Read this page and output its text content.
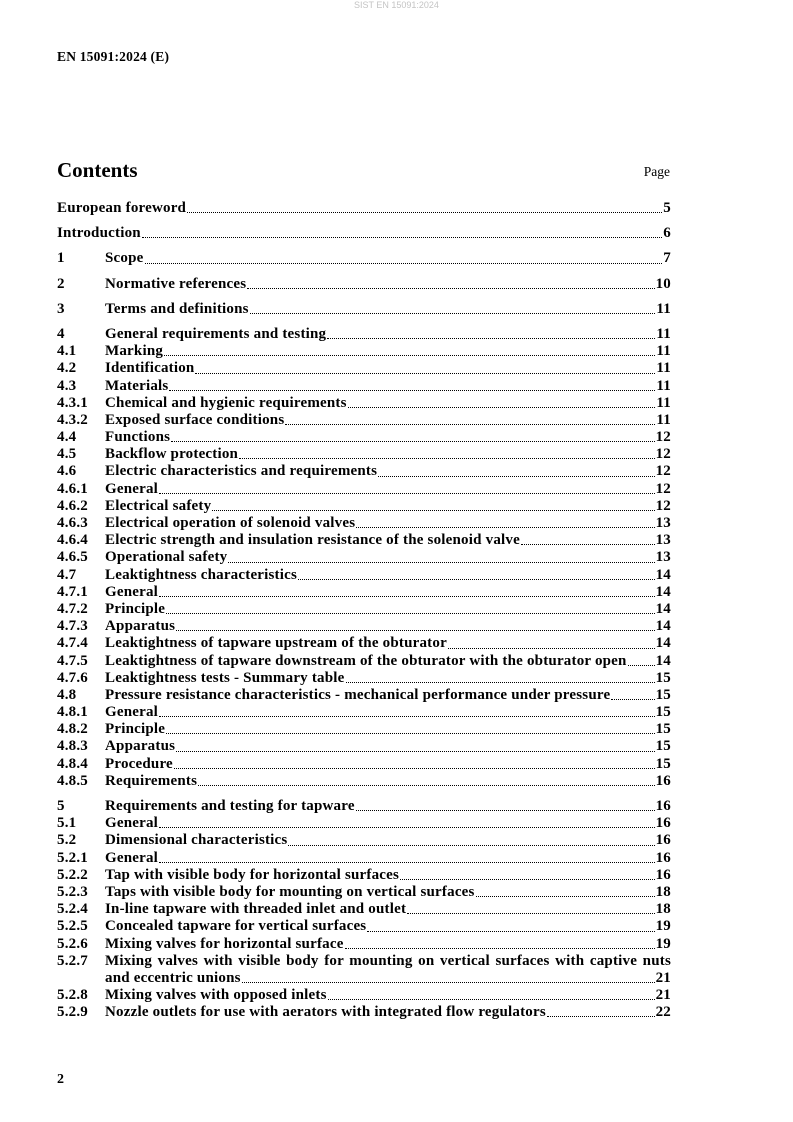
SIST EN 15091:2024
EN 15091:2024 (E)
Contents	Page
European foreword	5
Introduction	6
1	Scope	7
2	Normative references	10
3	Terms and definitions	11
4	General requirements and testing	11
4.1	Marking	11
4.2	Identification	11
4.3	Materials	11
4.3.1	Chemical and hygienic requirements	11
4.3.2	Exposed surface conditions	11
4.4	Functions	12
4.5	Backflow protection	12
4.6	Electric characteristics and requirements	12
4.6.1	General	12
4.6.2	Electrical safety	12
4.6.3	Electrical operation of solenoid valves	13
4.6.4	Electric strength and insulation resistance of the solenoid valve	13
4.6.5	Operational safety	13
4.7	Leaktightness characteristics	14
4.7.1	General	14
4.7.2	Principle	14
4.7.3	Apparatus	14
4.7.4	Leaktightness of tapware upstream of the obturator	14
4.7.5	Leaktightness of tapware downstream of the obturator with the obturator open 14
4.7.6	Leaktightness tests - Summary table	15
4.8	Pressure resistance characteristics - mechanical performance under pressure	15
4.8.1	General	15
4.8.2	Principle	15
4.8.3	Apparatus	15
4.8.4	Procedure	15
4.8.5	Requirements	16
5	Requirements and testing for tapware	16
5.1	General	16
5.2	Dimensional characteristics	16
5.2.1	General	16
5.2.2	Tap with visible body for horizontal surfaces	16
5.2.3	Taps with visible body for mounting on vertical surfaces	18
5.2.4	In-line tapware with threaded inlet and outlet	18
5.2.5	Concealed tapware for vertical surfaces	19
5.2.6	Mixing valves for horizontal surface	19
5.2.7	Mixing valves with visible body for mounting on vertical surfaces with captive nuts
and eccentric unions	21
5.2.8	Mixing valves with opposed inlets	21
5.2.9	Nozzle outlets for use with aerators with integrated flow regulators	22
2
